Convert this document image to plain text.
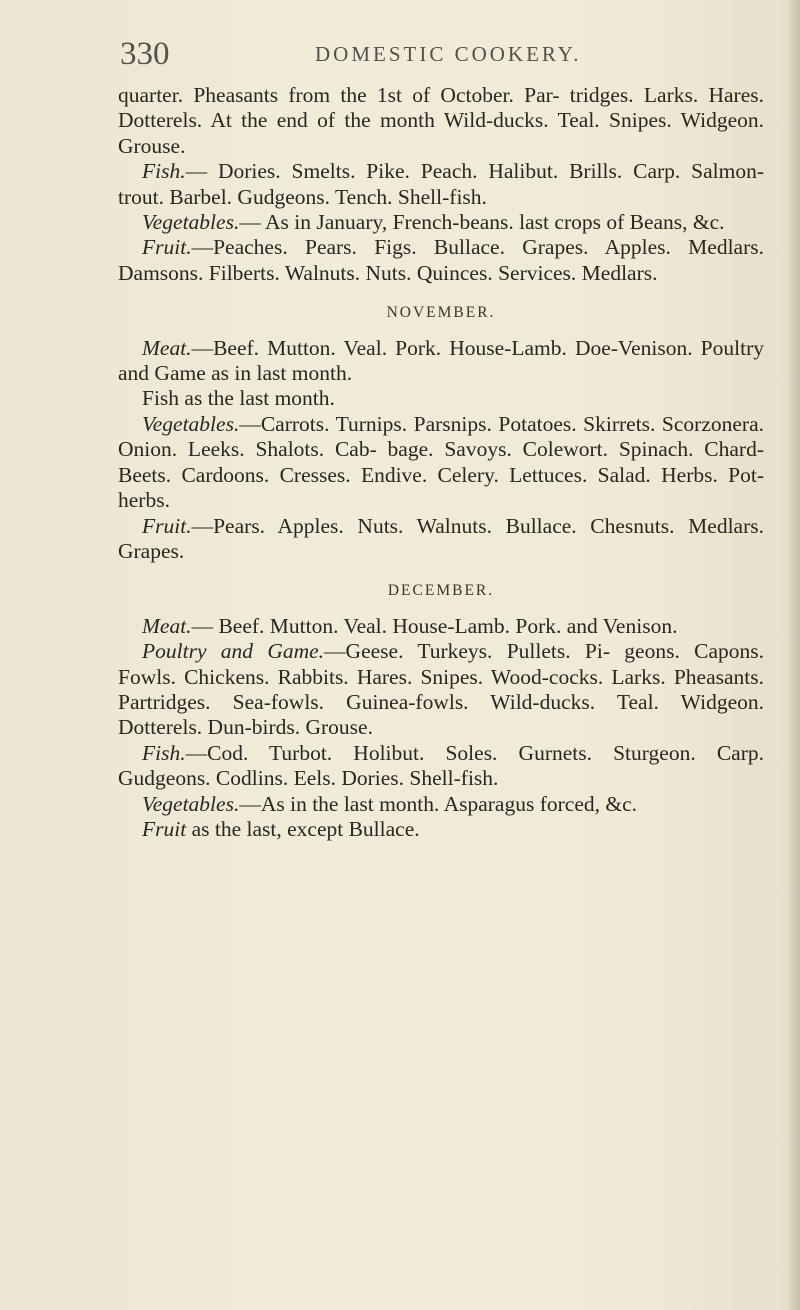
330	DOMESTIC COOKERY.

quarter. Pheasants from the 1st of October. Par- tridges. Larks. Hares. Dotterels. At the end of the month Wild-ducks. Teal. Snipes. Widgeon. Grouse.

Fish.— Dories. Smelts. Pike. Peach. Halibut. Brills. Carp. Salmon-trout. Barbel. Gudgeons. Tench. Shell-fish.

Vegetables.— As in January, French-beans. last crops of Beans, &c.

Fruit.—Peaches. Pears. Figs. Bullace. Grapes. Apples. Medlars. Damsons. Filberts. Walnuts. Nuts. Quinces. Services. Medlars.

NOVEMBER.

Meat.—Beef. Mutton. Veal. Pork. House-Lamb. Doe-Venison. Poultry and Game as in last month.

Fish as the last month.

Vegetables.—Carrots. Turnips. Parsnips. Potatoes. Skirrets. Scorzonera. Onion. Leeks. Shalots. Cab- bage. Savoys. Colewort. Spinach. Chard-Beets. Cardoons. Cresses. Endive. Celery. Lettuces. Salad. Herbs. Pot-herbs.

Fruit.—Pears. Apples. Nuts. Walnuts. Bullace. Chesnuts. Medlars. Grapes.

DECEMBER.

Meat.— Beef. Mutton. Veal. House-Lamb. Pork. and Venison.

Poultry and Game.—Geese. Turkeys. Pullets. Pi- geons. Capons. Fowls. Chickens. Rabbits. Hares. Snipes. Wood-cocks. Larks. Pheasants. Partridges. Sea-fowls. Guinea-fowls. Wild-ducks. Teal. Widgeon. Dotterels. Dun-birds. Grouse.

Fish.—Cod. Turbot. Holibut. Soles. Gurnets. Sturgeon. Carp. Gudgeons. Codlins. Eels. Dories. Shell-fish.

Vegetables.—As in the last month. Asparagus forced, &c.

Fruit as the last, except Bullace.
